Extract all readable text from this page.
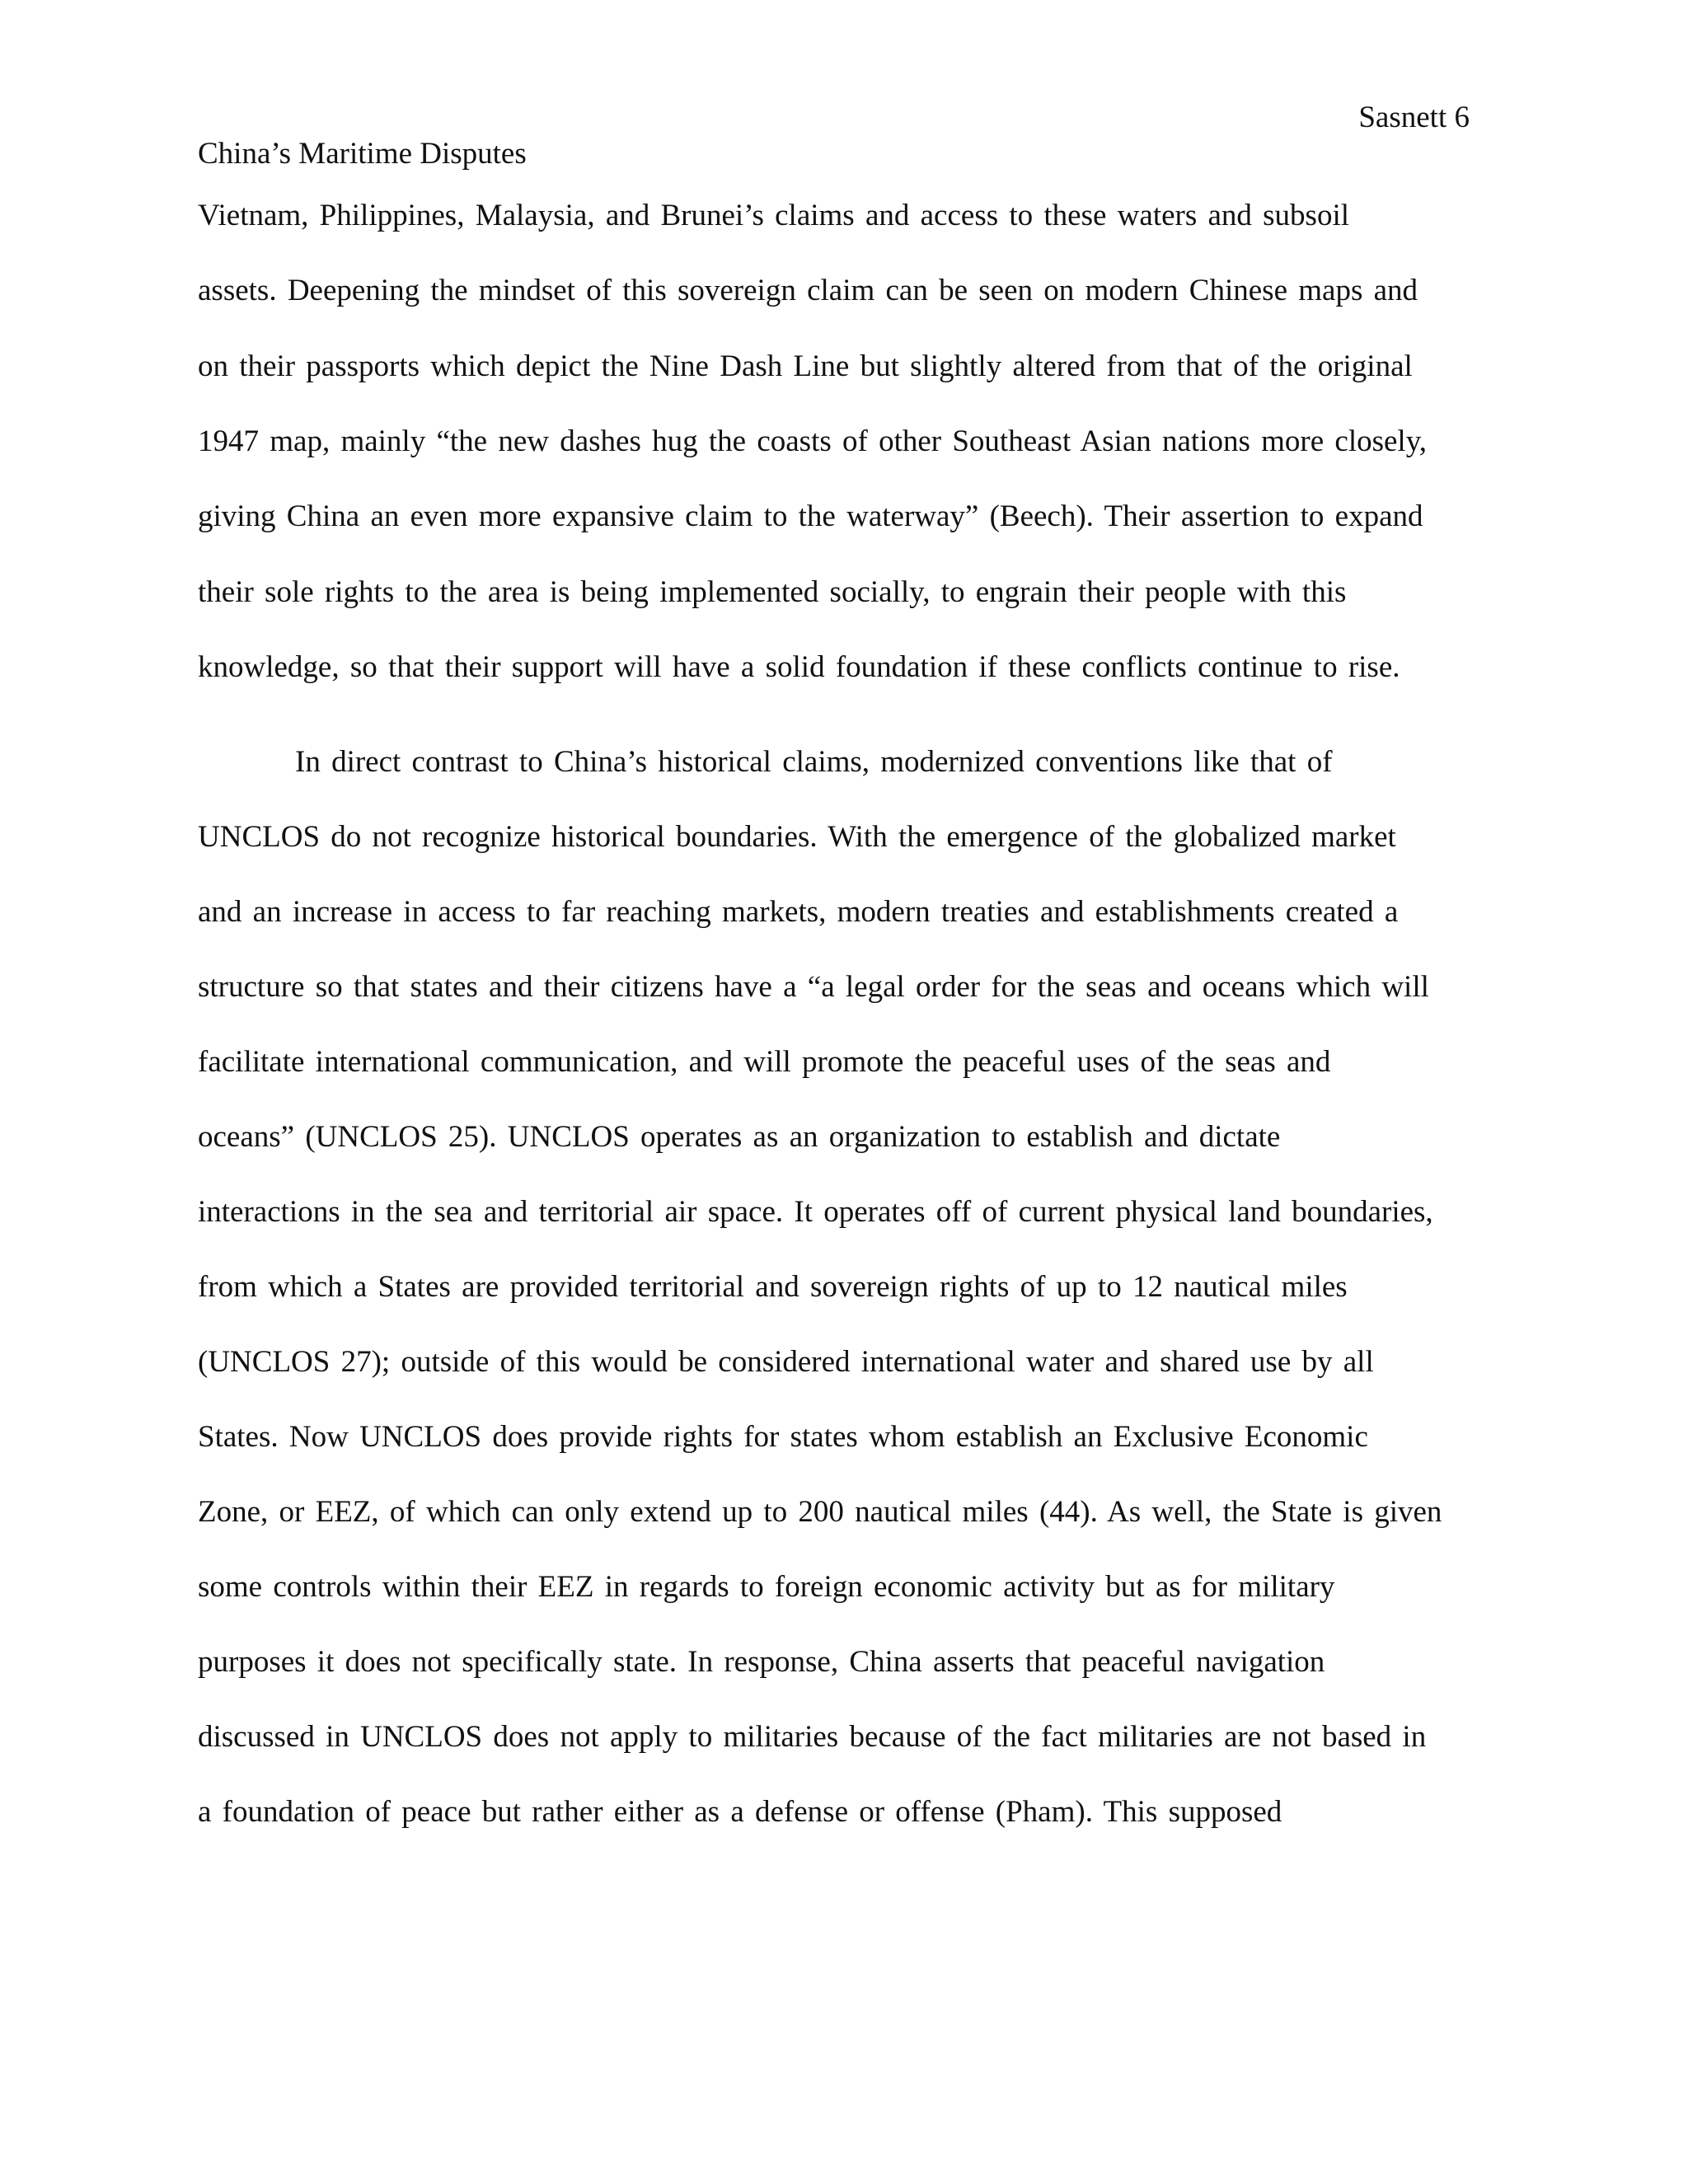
Sasnett 6
China’s Maritime Disputes
Vietnam, Philippines, Malaysia, and Brunei’s claims and access to these waters and subsoil
assets. Deepening the mindset of this sovereign claim can be seen on modern Chinese maps and
on their passports which depict the Nine Dash Line but slightly altered from that of the original
1947 map, mainly “the new dashes hug the coasts of other Southeast Asian nations more closely,
giving China an even more expansive claim to the waterway” (Beech). Their assertion to expand
their sole rights to the area is being implemented socially, to engrain their people with this
knowledge, so that their support will have a solid foundation if these conflicts continue to rise.
In direct contrast to China’s historical claims, modernized conventions like that of
UNCLOS do not recognize historical boundaries. With the emergence of the globalized market
and an increase in access to far reaching markets, modern treaties and establishments created a
structure so that states and their citizens have a “a legal order for the seas and oceans which will
facilitate international communication, and will promote the peaceful uses of the seas and
oceans” (UNCLOS 25). UNCLOS operates as an organization to establish and dictate
interactions in the sea and territorial air space. It operates off of current physical land boundaries,
from which a States are provided territorial and sovereign rights of up to 12 nautical miles
(UNCLOS 27); outside of this would be considered international water and shared use by all
States. Now UNCLOS does provide rights for states whom establish an Exclusive Economic
Zone, or EEZ, of which can only extend up to 200 nautical miles (44). As well, the State is given
some controls within their EEZ in regards to foreign economic activity but as for military
purposes it does not specifically state. In response, China asserts that peaceful navigation
discussed in UNCLOS does not apply to militaries because of the fact militaries are not based in
a foundation of peace but rather either as a defense or offense (Pham). This supposed
